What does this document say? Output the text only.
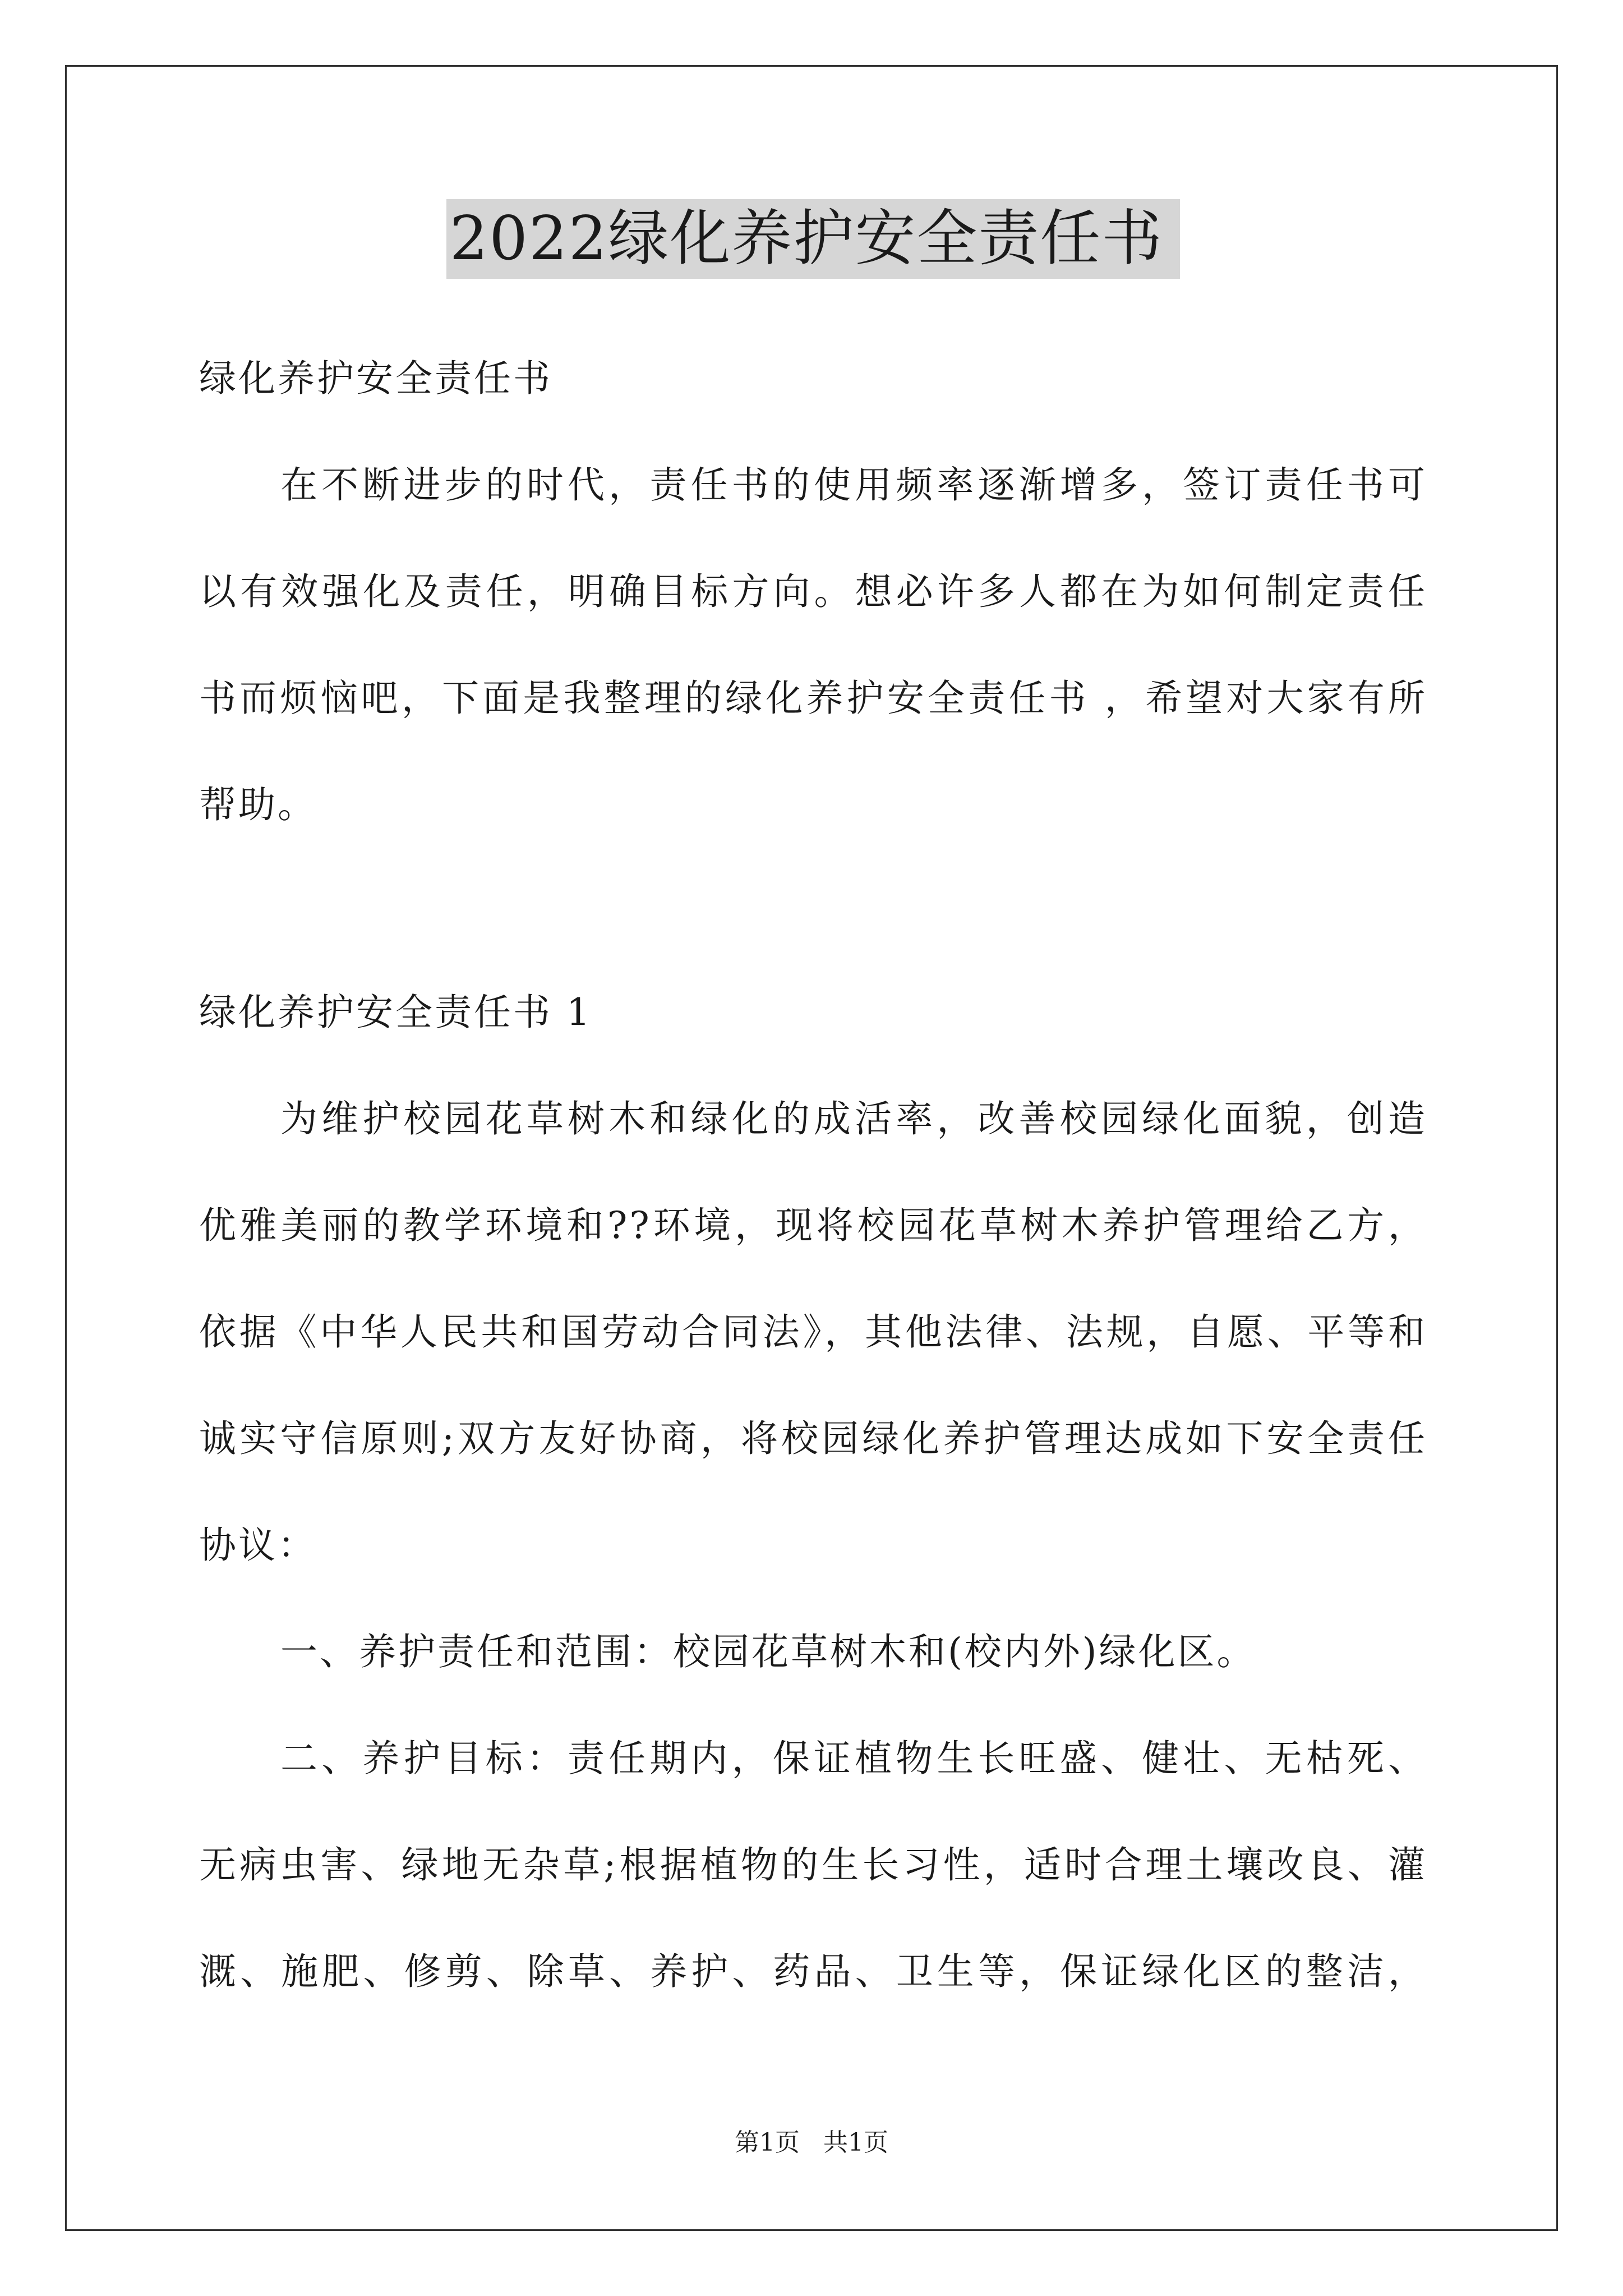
2022绿化养护安全责任书
绿化养护安全责任书
在不断进步的时代，责任书的使用频率逐渐增多，签订责任书可
以有效强化及责任，明确目标方向。想必许多人都在为如何制定责任
书而烦恼吧，下面是我整理的绿化养护安全责任书 ，希望对大家有所
帮助。
绿化养护安全责任书 1
为维护校园花草树木和绿化的成活率，改善校园绿化面貌，创造
优雅美丽的教学环境和??环境，现将校园花草树木养护管理给乙方，
依据《中华人民共和国劳动合同法》，其他法律、法规，自愿、平等和
诚实守信原则;双方友好协商，将校园绿化养护管理达成如下安全责任
协议：
一、养护责任和范围：校园花草树木和(校内外)绿化区。
二、养护目标：责任期内，保证植物生长旺盛、健壮、无枯死、
无病虫害、绿地无杂草;根据植物的生长习性，适时合理土壤改良、灌
溉、施肥、修剪、除草、养护、药品、卫生等，保证绿化区的整洁，
第1页   共1页
